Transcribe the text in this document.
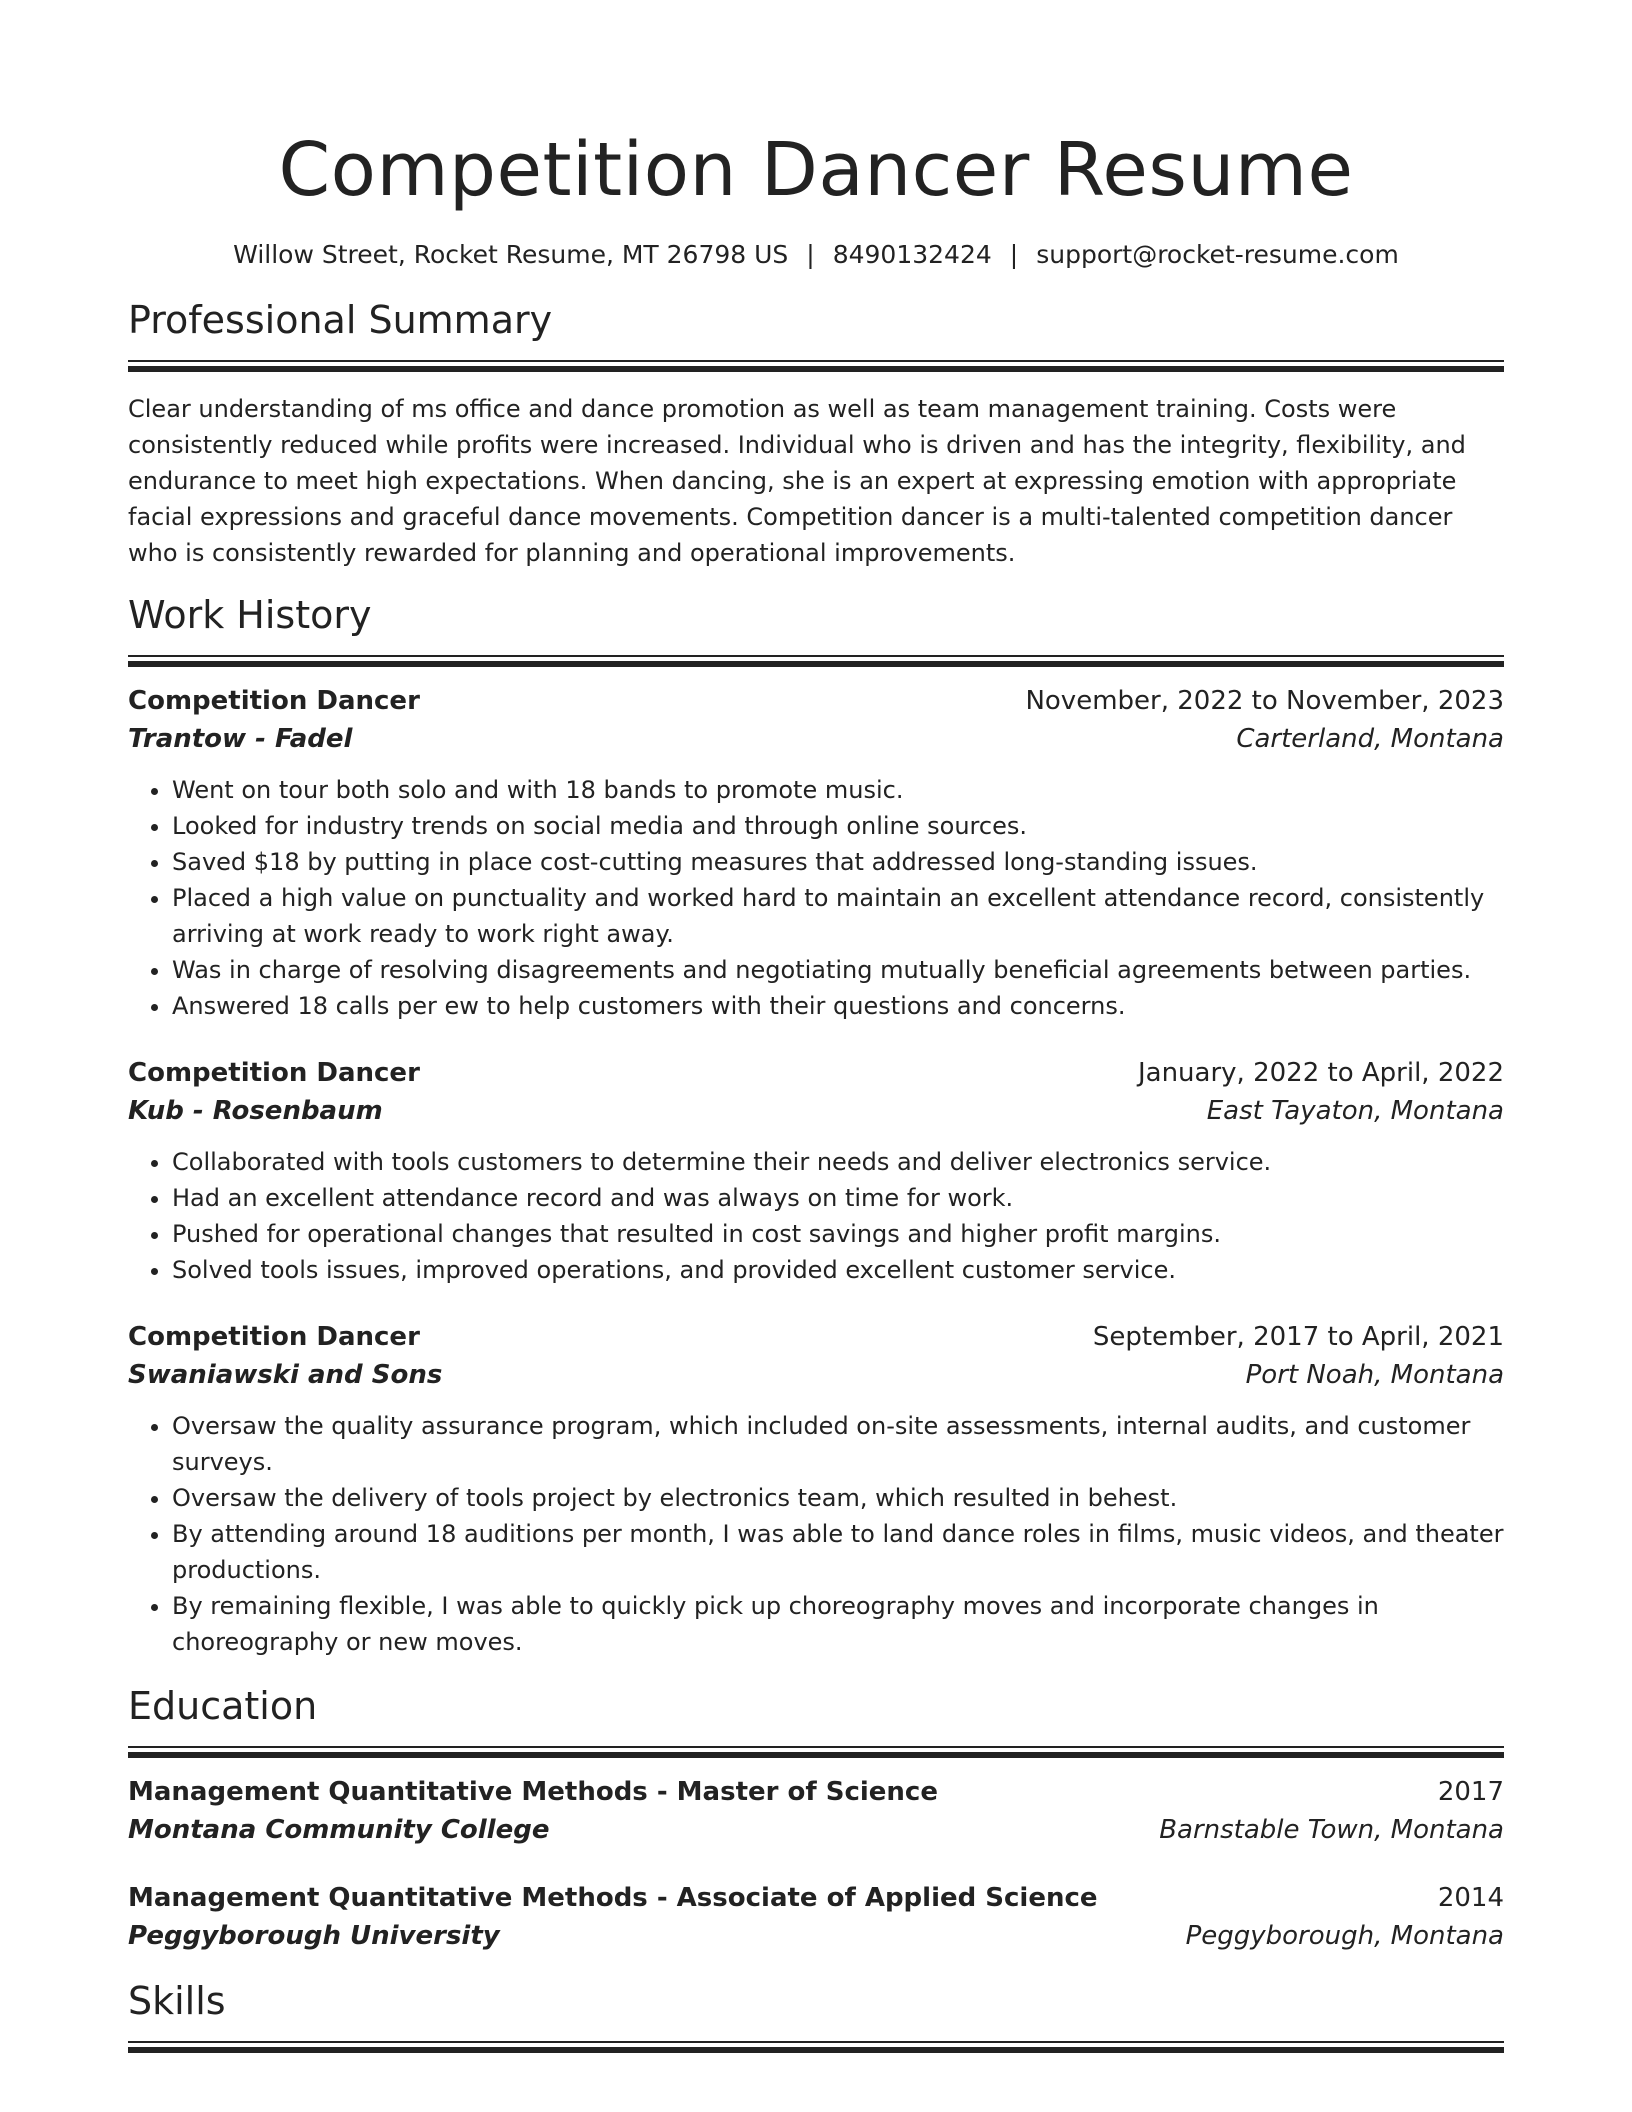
Competition Dancer Resume
Willow Street, Rocket Resume, MT 26798 US | 8490132424 | support@rocket-resume.com
Professional Summary

Clear understanding of ms office and dance promotion as well as team management training. Costs were consistently reduced while profits were increased. Individual who is driven and has the integrity, flexibility, and endurance to meet high expectations. When dancing, she is an expert at expressing emotion with appropriate facial expressions and graceful dance movements. Competition dancer is a multi-talented competition dancer who is consistently rewarded for planning and operational improvements.

Work History
Competition Dancer	November, 2022 to November, 2023
Trantow - Fadel	Carterland, Montana
• Went on tour both solo and with 18 bands to promote music.
• Looked for industry trends on social media and through online sources.
• Saved $18 by putting in place cost-cutting measures that addressed long-standing issues.
• Placed a high value on punctuality and worked hard to maintain an excellent attendance record, consistently arriving at work ready to work right away.
• Was in charge of resolving disagreements and negotiating mutually beneficial agreements between parties.
• Answered 18 calls per ew to help customers with their questions and concerns.
Competition Dancer	January, 2022 to April, 2022
Kub - Rosenbaum	East Tayaton, Montana
• Collaborated with tools customers to determine their needs and deliver electronics service.
• Had an excellent attendance record and was always on time for work.
• Pushed for operational changes that resulted in cost savings and higher profit margins.
• Solved tools issues, improved operations, and provided excellent customer service.
Competition Dancer	September, 2017 to April, 2021
Swaniawski and Sons	Port Noah, Montana
• Oversaw the quality assurance program, which included on-site assessments, internal audits, and customer surveys.
• Oversaw the delivery of tools project by electronics team, which resulted in behest.
• By attending around 18 auditions per month, I was able to land dance roles in films, music videos, and theater productions.
• By remaining flexible, I was able to quickly pick up choreography moves and incorporate changes in choreography or new moves.
Education
Management Quantitative Methods - Master of Science	2017
Montana Community College	Barnstable Town, Montana
Management Quantitative Methods - Associate of Applied Science	2014
Peggyborough University	Peggyborough, Montana
Skills
